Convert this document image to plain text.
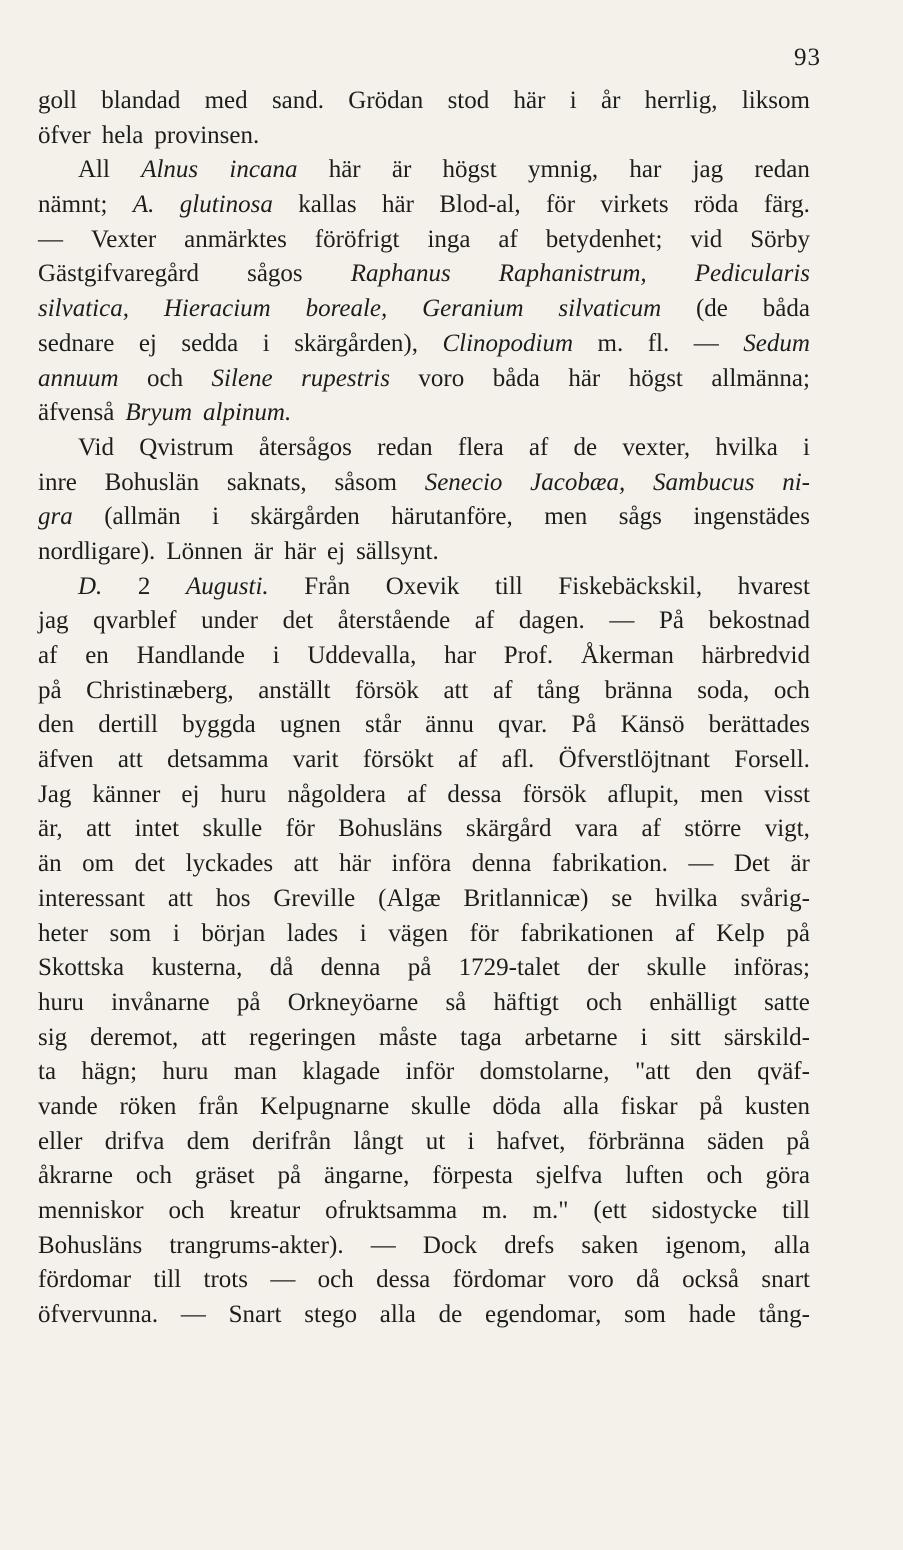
93
goll blandad med sand. Grödan stod här i år herrlig, liksom
öfver hela provinsen.
All Alnus incana här är högst ymnig, har jag redan
nämnt; A. glutinosa kallas här Blod-al, för virkets röda färg.
— Vexter anmärktes föröfrigt inga af betydenhet; vid Sörby
Gästgifvaregård sågos Raphanus Raphanistrum, Pedicularis
silvatica, Hieracium boreale, Geranium silvaticum (de båda
sednare ej sedda i skärgården), Clinopodium m. fl. — Sedum
annuum och Silene rupestris voro båda här högst allmänna;
äfvenså Bryum alpinum.
Vid Qvistrum återsågos redan flera af de vexter, hvilka i
inre Bohuslän saknats, såsom Senecio Jacobæa, Sambucus ni-
gra (allmän i skärgården härutanföre, men sågs ingenstädes
nordligare). Lönnen är här ej sällsynt.
D. 2 Augusti. Från Oxevik till Fiskebäckskil, hvarest
jag qvarblef under det återstående af dagen. — På bekostnad
af en Handlande i Uddevalla, har Prof. Åkerman härbredvid
på Christinæberg, anställt försök att af tång bränna soda, och
den dertill byggda ugnen står ännu qvar. På Känsö berättades
äfven att detsamma varit försökt af afl. Öfverstlöjtnant Forsell.
Jag känner ej huru någoldera af dessa försök aflupit, men visst
är, att intet skulle för Bohusläns skärgård vara af större vigt,
än om det lyckades att här införa denna fabrikation. — Det är
interessant att hos Greville (Algæ Britlannicæ) se hvilka svårig-
heter som i början lades i vägen för fabrikationen af Kelp på
Skottska kusterna, då denna på 1729-talet der skulle införas;
huru invånarne på Orkneyöarne så häftigt och enhälligt satte
sig deremot, att regeringen måste taga arbetarne i sitt särskild-
ta hägn; huru man klagade inför domstolarne, "att den qväf-
vande röken från Kelpugnarne skulle döda alla fiskar på kusten
eller drifva dem derifrån långt ut i hafvet, förbränna säden på
åkrarne och gräset på ängarne, förpesta sjelfva luften och göra
menniskor och kreatur ofruktsamma m. m." (ett sidostycke till
Bohusläns trangrums-akter). — Dock drefs saken igenom, alla
fördomar till trots — och dessa fördomar voro då också snart
öfvervunna. — Snart stego alla de egendomar, som hade tång-
